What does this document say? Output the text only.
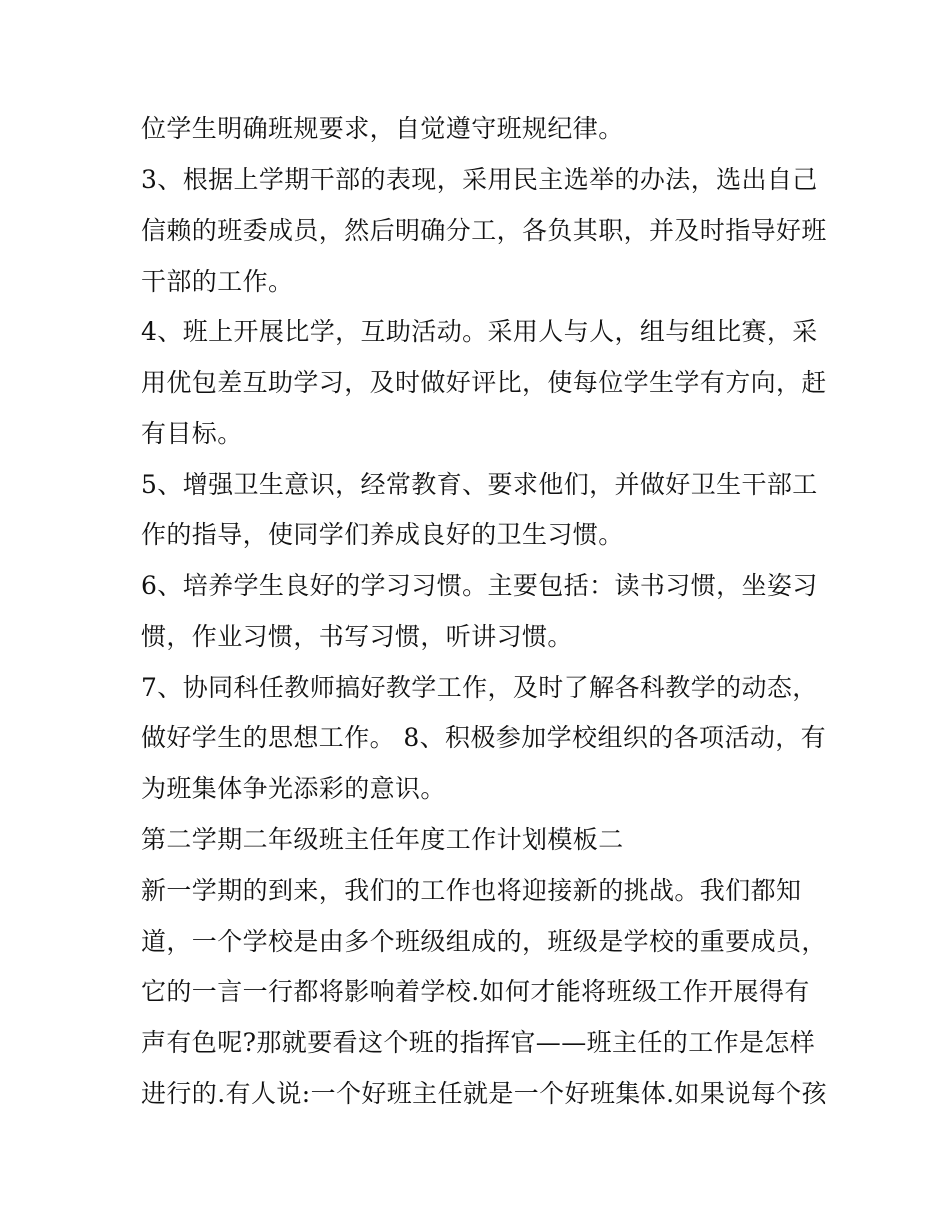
位学生明确班规要求，自觉遵守班规纪律。
3、根据上学期干部的表现，采用民主选举的办法，选出自己
信赖的班委成员，然后明确分工，各负其职，并及时指导好班
干部的工作。
4、班上开展比学，互助活动。采用人与人，组与组比赛，采
用优包差互助学习，及时做好评比，使每位学生学有方向，赶
有目标。
5、增强卫生意识，经常教育、要求他们，并做好卫生干部工
作的指导，使同学们养成良好的卫生习惯。
6、培养学生良好的学习习惯。主要包括：读书习惯，坐姿习
惯，作业习惯，书写习惯，听讲习惯。
7、协同科任教师搞好教学工作，及时了解各科教学的动态，
做好学生的思想工作。 8、积极参加学校组织的各项活动，有
为班集体争光添彩的意识。
第二学期二年级班主任年度工作计划模板二
新一学期的到来，我们的工作也将迎接新的挑战。我们都知
道，一个学校是由多个班级组成的，班级是学校的重要成员，
它的一言一行都将影响着学校.如何才能将班级工作开展得有
声有色呢?那就要看这个班的指挥官——班主任的工作是怎样
进行的.有人说:一个好班主任就是一个好班集体.如果说每个孩
